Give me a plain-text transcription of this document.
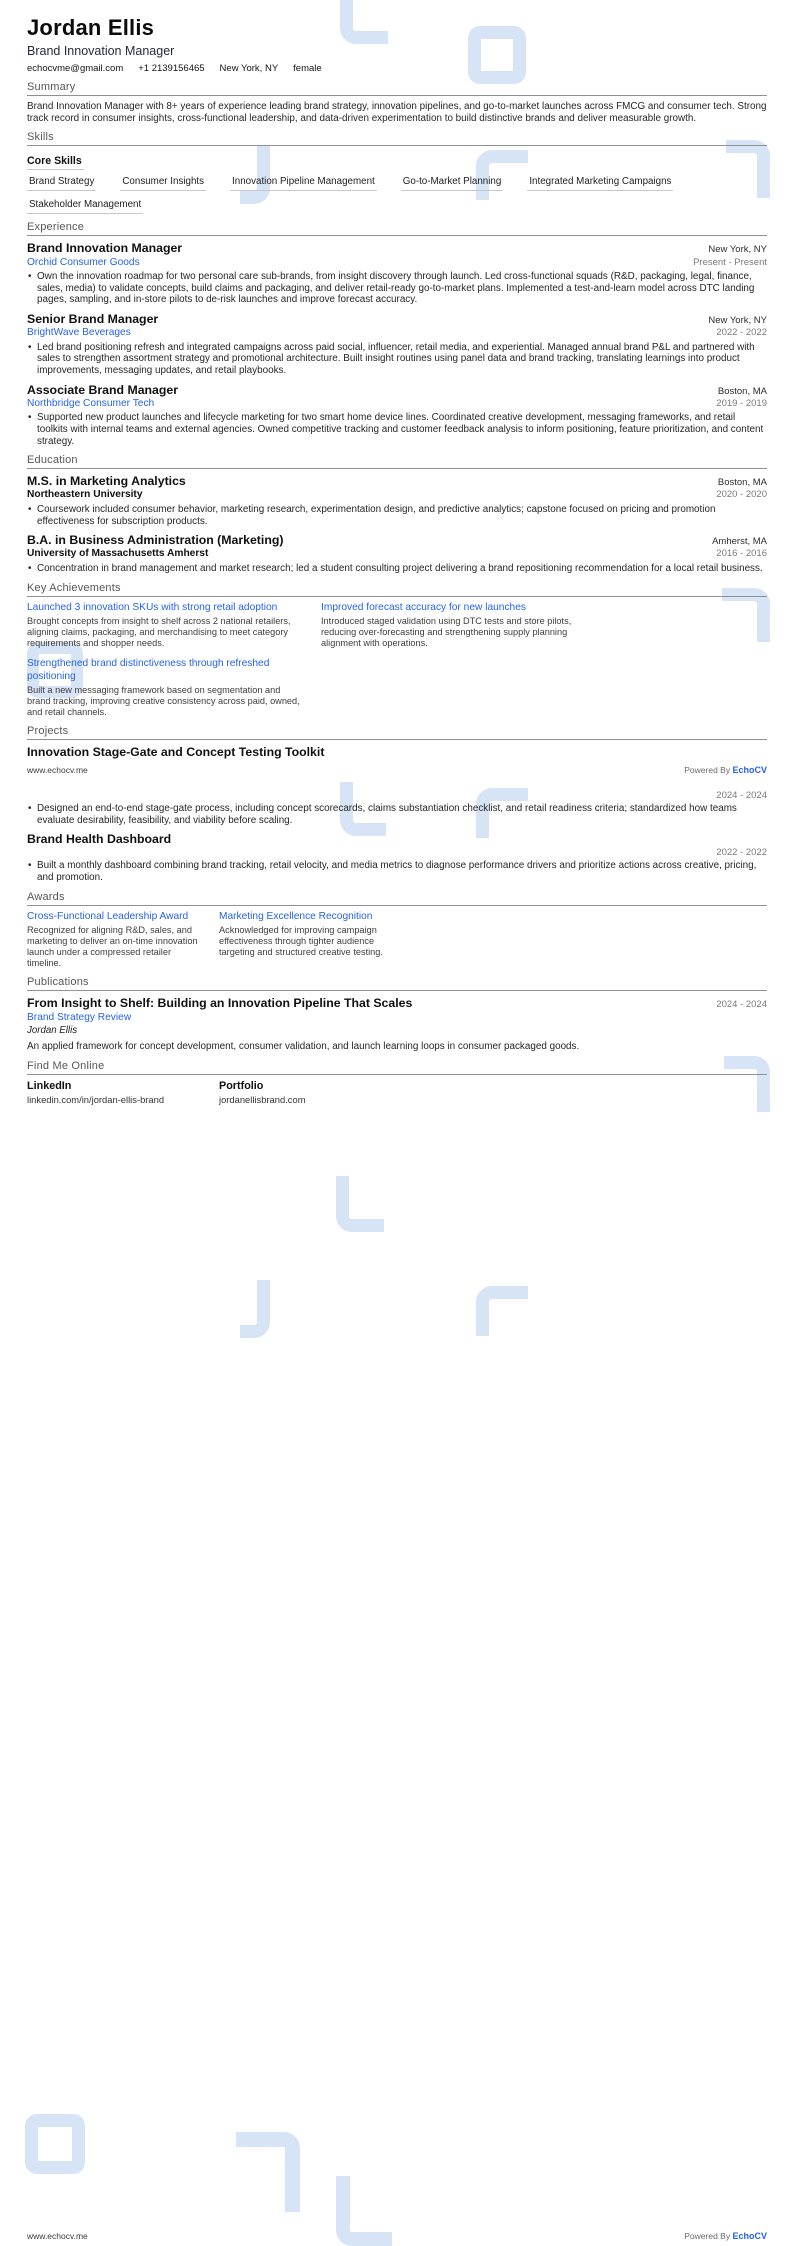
Jordan Ellis
Brand Innovation Manager
echocvme@gmail.com +1 2139156465 New York, NY female
Summary
Brand Innovation Manager with 8+ years of experience leading brand strategy, innovation pipelines, and go-to-market launches across FMCG and consumer tech. Strong track record in consumer insights, cross-functional leadership, and data-driven experimentation to build distinctive brands and deliver measurable growth.
Skills
Core Skills
Brand Strategy	Consumer Insights	Innovation Pipeline Management	Go-to-Market Planning	Integrated Marketing Campaigns
Stakeholder Management
Experience
Brand Innovation Manager	New York, NY
Orchid Consumer Goods	Present - Present
• Own the innovation roadmap for two personal care sub-brands, from insight discovery through launch. Led cross-functional squads (R&D, packaging, legal, finance, sales, media) to validate concepts, build claims and packaging, and deliver retail-ready go-to-market plans. Implemented a test-and-learn model across DTC landing pages, sampling, and in-store pilots to de-risk launches and improve forecast accuracy.
Senior Brand Manager	New York, NY
BrightWave Beverages	2022 - 2022
• Led brand positioning refresh and integrated campaigns across paid social, influencer, retail media, and experiential. Managed annual brand P&L and partnered with sales to strengthen assortment strategy and promotional architecture. Built insight routines using panel data and brand tracking, translating learnings into product improvements, messaging updates, and retail playbooks.
Associate Brand Manager	Boston, MA
Northbridge Consumer Tech	2019 - 2019
• Supported new product launches and lifecycle marketing for two smart home device lines. Coordinated creative development, messaging frameworks, and retail toolkits with internal teams and external agencies. Owned competitive tracking and customer feedback analysis to inform positioning, feature prioritization, and content strategy.
Education
M.S. in Marketing Analytics	Boston, MA
Northeastern University	2020 - 2020
• Coursework included consumer behavior, marketing research, experimentation design, and predictive analytics; capstone focused on pricing and promotion effectiveness for subscription products.
B.A. in Business Administration (Marketing)	Amherst, MA
University of Massachusetts Amherst	2016 - 2016
• Concentration in brand management and market research; led a student consulting project delivering a brand repositioning recommendation for a local retail business.
Key Achievements
Launched 3 innovation SKUs with strong retail adoption
Brought concepts from insight to shelf across 2 national retailers, aligning claims, packaging, and merchandising to meet category requirements and shopper needs.
Improved forecast accuracy for new launches
Introduced staged validation using DTC tests and store pilots, reducing over-forecasting and strengthening supply planning alignment with operations.
Strengthened brand distinctiveness through refreshed positioning
Built a new messaging framework based on segmentation and brand tracking, improving creative consistency across paid, owned, and retail channels.
Projects
Innovation Stage-Gate and Concept Testing Toolkit
www.echocv.me	Powered By EchoCV
2024 - 2024
• Designed an end-to-end stage-gate process, including concept scorecards, claims substantiation checklist, and retail readiness criteria; standardized how teams evaluate desirability, feasibility, and viability before scaling.
Brand Health Dashboard
2022 - 2022
• Built a monthly dashboard combining brand tracking, retail velocity, and media metrics to diagnose performance drivers and prioritize actions across creative, pricing, and promotion.
Awards
Cross-Functional Leadership Award
Recognized for aligning R&D, sales, and marketing to deliver an on-time innovation launch under a compressed retailer timeline.
Marketing Excellence Recognition
Acknowledged for improving campaign effectiveness through tighter audience targeting and structured creative testing.
Publications
From Insight to Shelf: Building an Innovation Pipeline That Scales	2024 - 2024
Brand Strategy Review
Jordan Ellis
An applied framework for concept development, consumer validation, and launch learning loops in consumer packaged goods.
Find Me Online
LinkedIn
linkedin.com/in/jordan-ellis-brand
Portfolio
jordanellisbrand.com
www.echocv.me	Powered By EchoCV
